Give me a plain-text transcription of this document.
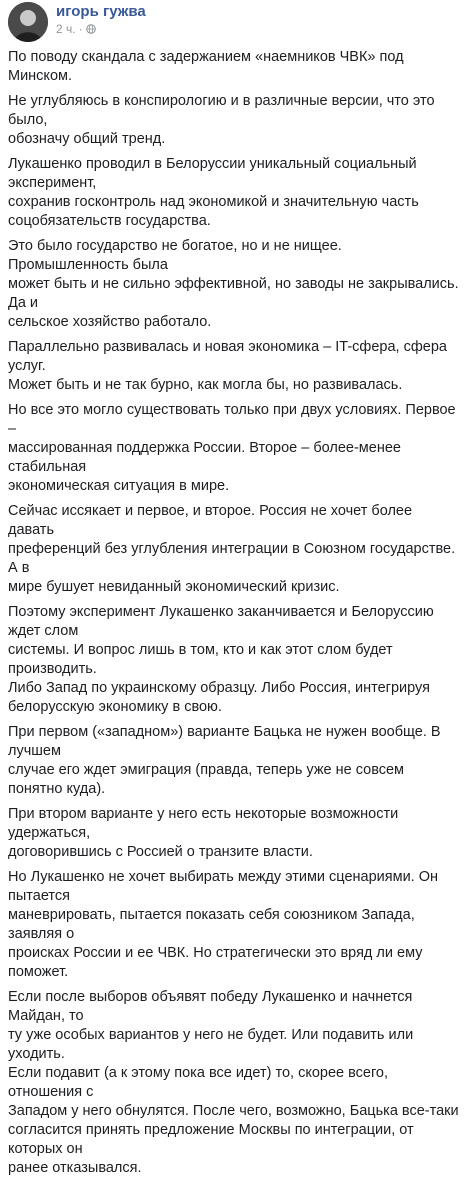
игорь гужва
2 ч. ·

По поводу скандала с задержанием «наемников ЧВК» под Минском.

Не углубляюсь в конспирологию и в различные версии, что это было,
обозначу общий тренд.

Лукашенко проводил в Белоруссии уникальный социальный эксперимент,
сохранив госконтроль над экономикой и значительную часть
соцобязательств государства.

Это было государство не богатое, но и не нищее. Промышленность была
может быть и не сильно эффективной, но заводы не закрывались. Да и
сельское хозяйство работало.

Параллельно развивалась и новая экономика – IT-сфера, сфера услуг.
Может быть и не так бурно, как могла бы, но развивалась.

Но все это могло существовать только при двух условиях. Первое –
массированная поддержка России. Второе – более-менее стабильная
экономическая ситуация в мире.

Сейчас иссякает и первое, и второе. Россия не хочет более давать
преференций без углубления интеграции в Союзном государстве. А в
мире бушует невиданный экономический кризис.

Поэтому эксперимент Лукашенко заканчивается и Белоруссию ждет слом
системы. И вопрос лишь в том, кто и как этот слом будет производить.
Либо Запад по украинскому образцу. Либо Россия, интегрируя
белорусскую экономику в свою.

При первом («западном») варианте Бацька не нужен вообще. В лучшем
случае его ждет эмиграция (правда, теперь уже не совсем понятно куда).

При втором варианте у него есть некоторые возможности удержаться,
договорившись с Россией о транзите власти.

Но Лукашенко не хочет выбирать между этими сценариями. Он пытается
маневрировать, пытается показать себя союзником Запада, заявляя о
происках России и ее ЧВК. Но стратегически это вряд ли ему поможет.

Если после выборов объявят победу Лукашенко и начнется Майдан, то
ту уже особых вариантов у него не будет. Или подавить или уходить.
Если подавит (а к этому пока все идет) то, скорее всего, отношения с
Западом у него обнулятся. После чего, возможно, Бацька все-таки
согласится принять предложение Москвы по интеграции, от которых он
ранее отказывался.
